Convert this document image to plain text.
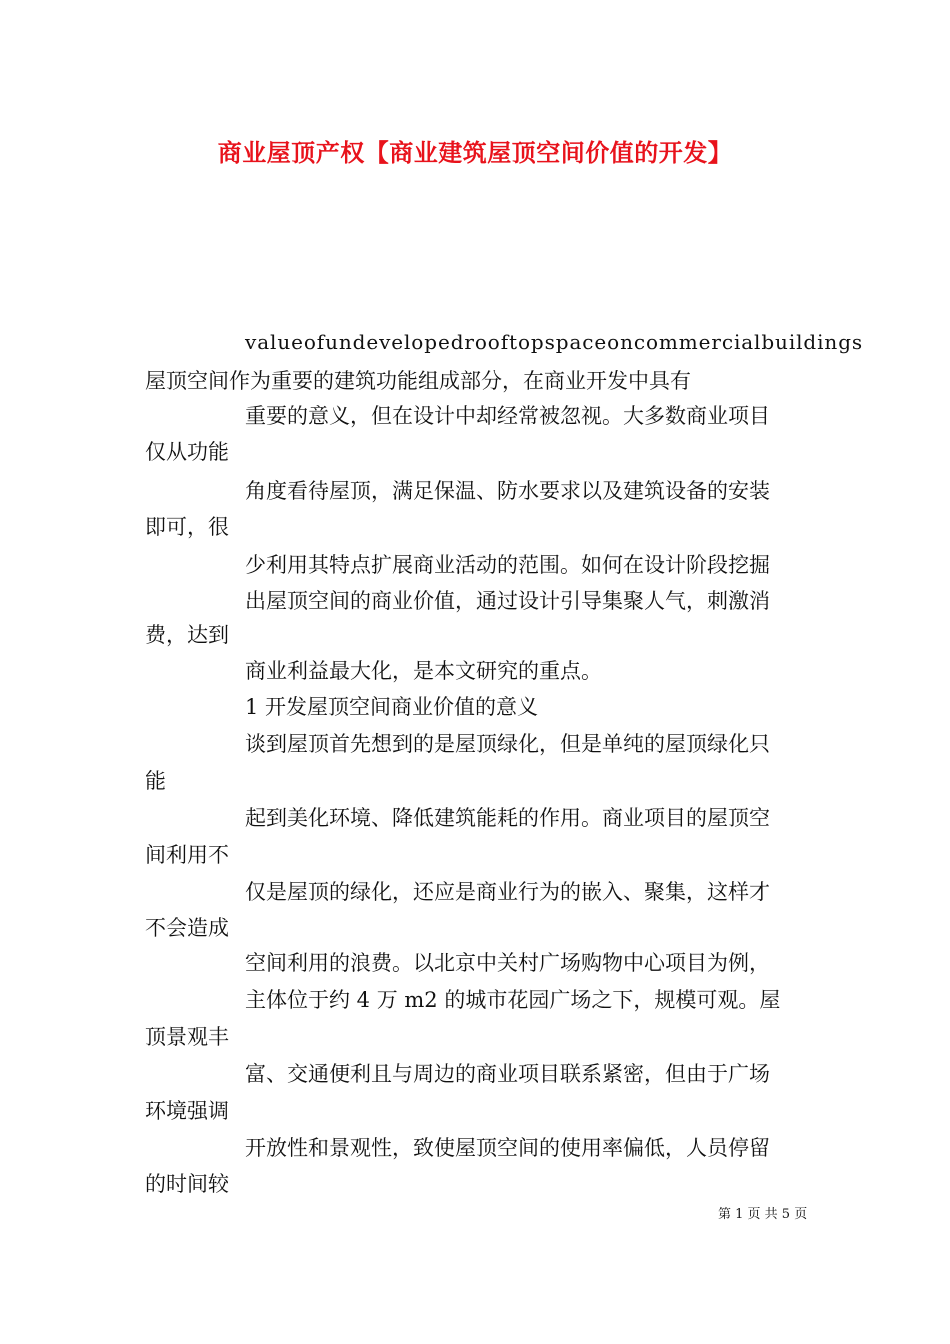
商业屋顶产权【商业建筑屋顶空间价值的开发】
valueofundevelopedrooftopspaceoncommercialbuildings
屋顶空间作为重要的建筑功能组成部分，在商业开发中具有
重要的意义，但在设计中却经常被忽视。大多数商业项目
仅从功能
角度看待屋顶，满足保温、防水要求以及建筑设备的安装
即可，很
少利用其特点扩展商业活动的范围。如何在设计阶段挖掘
出屋顶空间的商业价值，通过设计引导集聚人气，刺激消
费，达到
商业利益最大化，是本文研究的重点。
1 开发屋顶空间商业价值的意义
谈到屋顶首先想到的是屋顶绿化，但是单纯的屋顶绿化只
能
起到美化环境、降低建筑能耗的作用。商业项目的屋顶空
间利用不
仅是屋顶的绿化，还应是商业行为的嵌入、聚集，这样才
不会造成
空间利用的浪费。以北京中关村广场购物中心项目为例，
主体位于约 4 万 m2 的城市花园广场之下，规模可观。屋
顶景观丰
富、交通便利且与周边的商业项目联系紧密，但由于广场
环境强调
开放性和景观性，致使屋顶空间的使用率偏低，人员停留
的时间较
第 1 页 共 5 页
